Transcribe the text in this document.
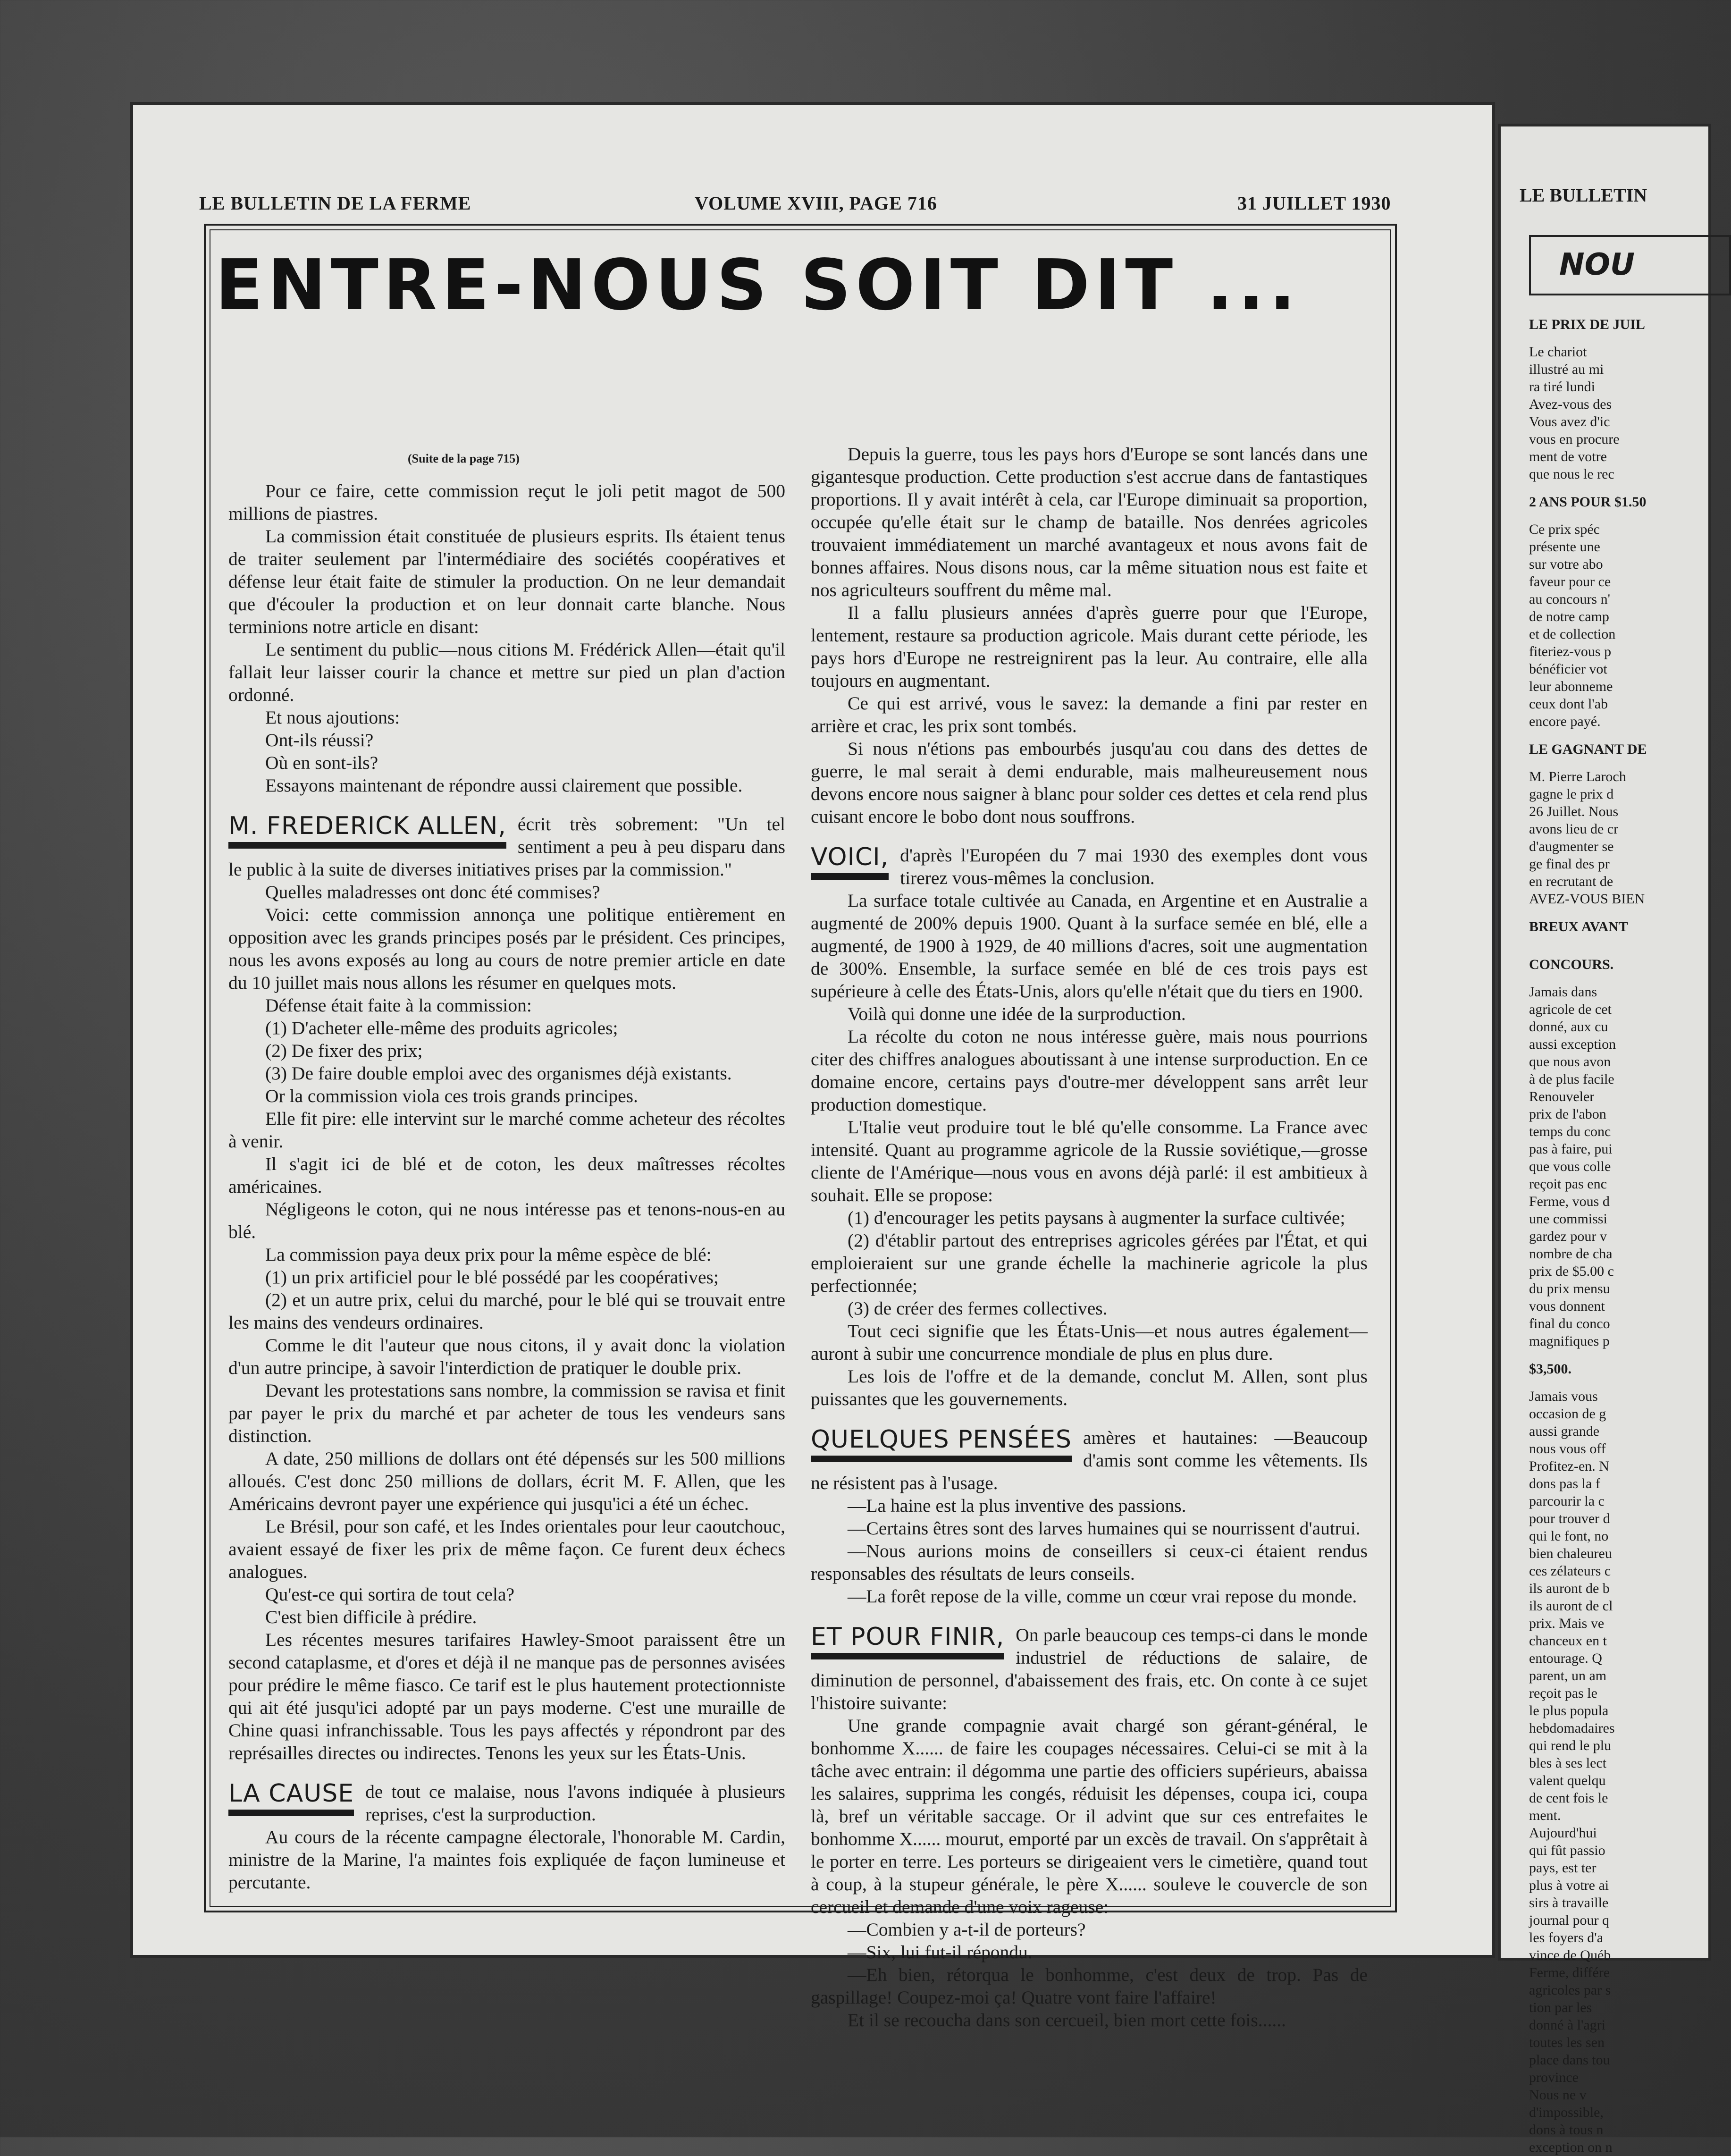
LE BULLETIN DE LA FERME	VOLUME XVIII, PAGE 716	31 JUILLET 1930
ENTRE-NOUS SOIT DIT ...
(Suite de la page 715)

Pour ce faire, cette commission reçut le joli petit magot de 500 millions de piastres.

La commission était constituée de plusieurs esprits. Ils étaient tenus de traiter seulement par l'intermédiaire des sociétés coopératives et défense leur était faite de stimuler la production. On ne leur demandait que d'écouler la production et on leur donnait carte blanche. Nous terminions notre article en disant:

Le sentiment du public—nous citions M. Frédérick Allen—était qu'il fallait leur laisser courir la chance et mettre sur pied un plan d'action ordonné.

Et nous ajoutions:

Ont-ils réussi?

Où en sont-ils?

Essayons maintenant de répondre aussi clairement que possible.

M. FREDERICK ALLEN, écrit très sobrement: "Un tel sentiment a peu à peu disparu dans le public à la suite de diverses initiatives prises par la commission."

Quelles maladresses ont donc été commises?

Voici: cette commission annonça une politique entièrement en opposition avec les grands principes posés par le président. Ces principes, nous les avons exposés au long au cours de notre premier article en date du 10 juillet mais nous allons les résumer en quelques mots.

Défense était faite à la commission:

(1) D'acheter elle-même des produits agricoles;

(2) De fixer des prix;

(3) De faire double emploi avec des organismes déjà existants.

Or la commission viola ces trois grands principes.

Elle fit pire: elle intervint sur le marché comme acheteur des récoltes à venir.

Il s'agit ici de blé et de coton, les deux maîtresses récoltes américaines.

Négligeons le coton, qui ne nous intéresse pas et tenons-nous-en au blé.

La commission paya deux prix pour la même espèce de blé:

(1) un prix artificiel pour le blé possédé par les coopératives;

(2) et un autre prix, celui du marché, pour le blé qui se trouvait entre les mains des vendeurs ordinaires.

Comme le dit l'auteur que nous citons, il y avait donc la violation d'un autre principe, à savoir l'interdiction de pratiquer le double prix.

Devant les protestations sans nombre, la commission se ravisa et finit par payer le prix du marché et par acheter de tous les vendeurs sans distinction.

A date, 250 millions de dollars ont été dépensés sur les 500 millions alloués. C'est donc 250 millions de dollars, écrit M. F. Allen, que les Américains devront payer une expérience qui jusqu'ici a été un échec.

Le Brésil, pour son café, et les Indes orientales pour leur caoutchouc, avaient essayé de fixer les prix de même façon. Ce furent deux échecs analogues.

Qu'est-ce qui sortira de tout cela?

C'est bien difficile à prédire.

Les récentes mesures tarifaires Hawley-Smoot paraissent être un second cataplasme, et d'ores et déjà il ne manque pas de personnes avisées pour prédire le même fiasco. Ce tarif est le plus hautement protectionniste qui ait été jusqu'ici adopté par un pays moderne. C'est une muraille de Chine quasi infranchissable. Tous les pays affectés y répondront par des représailles directes ou indirectes. Tenons les yeux sur les États-Unis.

LA CAUSE de tout ce malaise, nous l'avons indiquée à plusieurs reprises, c'est la surproduction.

Au cours de la récente campagne électorale, l'honorable M. Cardin, ministre de la Marine, l'a maintes fois expliquée de façon lumineuse et percutante.

Depuis la guerre, tous les pays hors d'Europe se sont lancés dans une gigantesque production. Cette production s'est accrue dans de fantastiques proportions. Il y avait intérêt à cela, car l'Europe diminuait sa proportion, occupée qu'elle était sur le champ de bataille. Nos denrées agricoles trouvaient immédiatement un marché avantageux et nous avons fait de bonnes affaires. Nous disons nous, car la même situation nous est faite et nos agriculteurs souffrent du même mal.

Il a fallu plusieurs années d'après guerre pour que l'Europe, lentement, restaure sa production agricole. Mais durant cette période, les pays hors d'Europe ne restreignirent pas la leur. Au contraire, elle alla toujours en augmentant.

Ce qui est arrivé, vous le savez: la demande a fini par rester en arrière et crac, les prix sont tombés.

Si nous n'étions pas embourbés jusqu'au cou dans des dettes de guerre, le mal serait à demi endurable, mais malheureusement nous devons encore nous saigner à blanc pour solder ces dettes et cela rend plus cuisant encore le bobo dont nous souffrons.

VOICI, d'après l'Européen du 7 mai 1930 des exemples dont vous tirerez vous-mêmes la conclusion.

La surface totale cultivée au Canada, en Argentine et en Australie a augmenté de 200% depuis 1900. Quant à la surface semée en blé, elle a augmenté, de 1900 à 1929, de 40 millions d'acres, soit une augmentation de 300%. Ensemble, la surface semée en blé de ces trois pays est supérieure à celle des États-Unis, alors qu'elle n'était que du tiers en 1900.

Voilà qui donne une idée de la surproduction.

La récolte du coton ne nous intéresse guère, mais nous pourrions citer des chiffres analogues aboutissant à une intense surproduction. En ce domaine encore, certains pays d'outre-mer développent sans arrêt leur production domestique.

L'Italie veut produire tout le blé qu'elle consomme. La France avec intensité. Quant au programme agricole de la Russie soviétique,—grosse cliente de l'Amérique—nous vous en avons déjà parlé: il est ambitieux à souhait. Elle se propose:

(1) d'encourager les petits paysans à augmenter la surface cultivée;

(2) d'établir partout des entreprises agricoles gérées par l'État, et qui emploieraient sur une grande échelle la machinerie agricole la plus perfectionnée;

(3) de créer des fermes collectives.

Tout ceci signifie que les États-Unis—et nous autres également—auront à subir une concurrence mondiale de plus en plus dure.

Les lois de l'offre et de la demande, conclut M. Allen, sont plus puissantes que les gouvernements.

QUELQUES PENSÉES amères et hautaines: —Beaucoup d'amis sont comme les vêtements. Ils ne résistent pas à l'usage.

—La haine est la plus inventive des passions.

—Certains êtres sont des larves humaines qui se nourrissent d'autrui.

—Nous aurions moins de conseillers si ceux-ci étaient rendus responsables des résultats de leurs conseils.

—La forêt repose de la ville, comme un cœur vrai repose du monde.

ET POUR FINIR, On parle beaucoup ces temps-ci dans le monde industriel de réductions de salaire, de diminution de personnel, d'abaissement des frais, etc. On conte à ce sujet l'histoire suivante:

Une grande compagnie avait chargé son gérant-général, le bonhomme X...... de faire les coupages nécessaires. Celui-ci se mit à la tâche avec entrain: il dégomma une partie des officiers supérieurs, abaissa les salaires, supprima les congés, réduisit les dépenses, coupa ici, coupa là, bref un véritable saccage. Or il advint que sur ces entrefaites le bonhomme X...... mourut, emporté par un excès de travail. On s'apprêtait à le porter en terre. Les porteurs se dirigeaient vers le cimetière, quand tout à coup, à la stupeur générale, le père X...... souleve le couvercle de son cercueil et demande d'une voix rageuse:

—Combien y a-t-il de porteurs?

—Six, lui fut-il répondu.

—Eh bien, rétorqua le bonhomme, c'est deux de trop. Pas de gaspillage! Coupez-moi ça! Quatre vont faire l'affaire!

Et il se recoucha dans son cercueil, bien mort cette fois......

LE BULLETIN
NOU
LE PRIX DE JUIL
Le chariot
illustré au mi
ra tiré lundi
Avez-vous des
Vous avez d'ic
vous en procure
ment de votre
que nous le rec
2 ANS POUR $1.50
Ce prix spéc
présente une
sur votre abo
faveur pour ce
au concours n'
de notre camp
et de collection
fiteriez-vous p
bénéficier vot
leur abonneme
ceux dont l'ab
encore payé.
LE GAGNANT DE
M. Pierre Laroch
gagne le prix d
26 Juillet. Nous
avons lieu de cr
d'augmenter se
ge final des pr
en recrutant de
AVEZ-VOUS BIEN
BREUX AVANT
CONCOURS.
Jamais dans
agricole de cet
donné, aux cu
aussi exception
que nous avon
à de plus facile
Renouveler
prix de l'abon
temps du conc
pas à faire, pui
que vous colle
reçoit pas enc
Ferme, vous d
une commissi
gardez pour v
nombre de cha
prix de $5.00 c
du prix mensu
vous donnent
final du conco
magnifiques p
$3,500.
Jamais vous
occasion de g
aussi grande
nous vous off
Profitez-en. N
dons pas la f
parcourir la c
pour trouver d
qui le font, no
bien chaleureu
ces zélateurs c
ils auront de b
ils auront de cl
prix. Mais ve
chanceux en t
entourage. Q
parent, un am
reçoit pas le
le plus popula
hebdomadaires
qui rend le plu
bles à ses lect
valent quelqu
de cent fois le
ment.
Aujourd'hui
qui fût passio
pays, est ter
plus à votre ai
sirs à travaille
journal pour q
les foyers d'a
vince de Québ
Ferme, différe
agricoles par s
tion par les
donné à l'agri
toutes les sen
place dans tou
province
Nous ne v
d'impossible,
dons à tous n
exception on n
